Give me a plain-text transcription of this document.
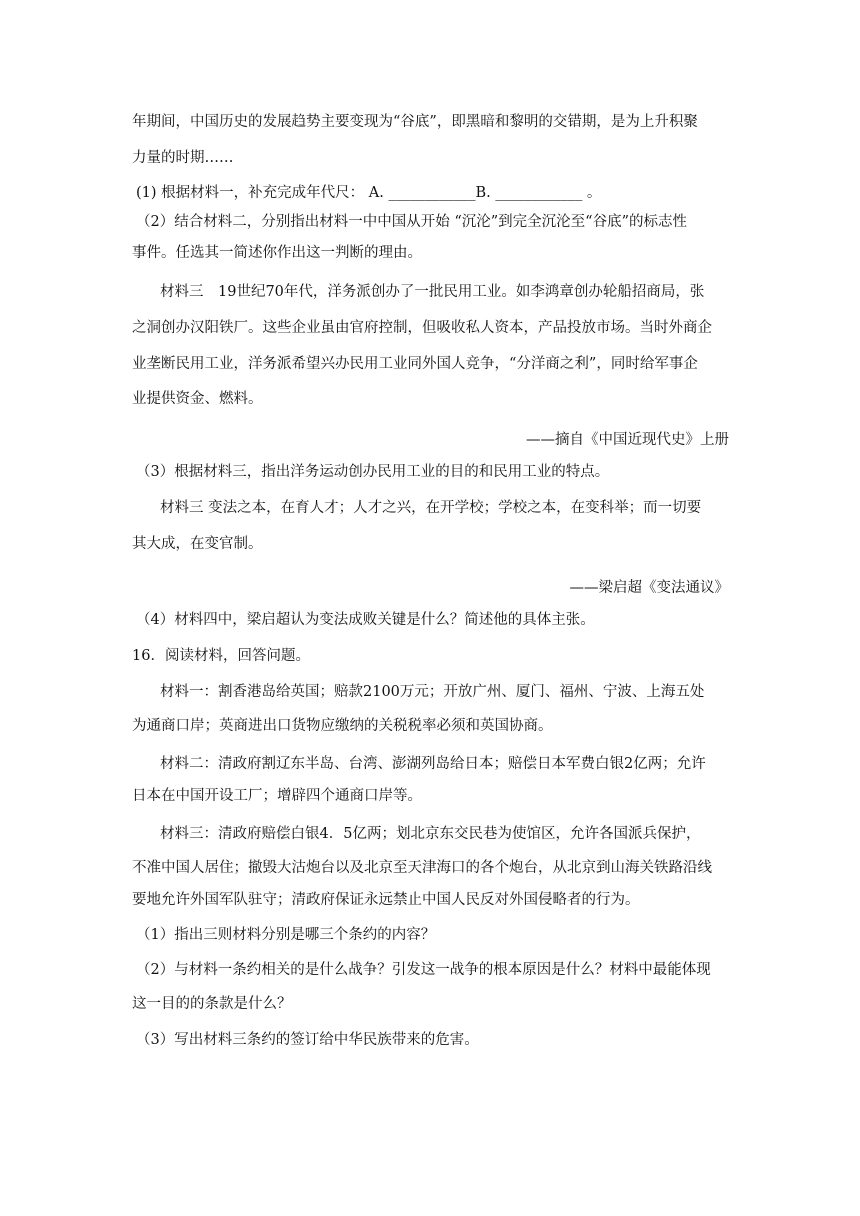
年期间，中国历史的发展趋势主要变现为“谷底”，即黑暗和黎明的交错期，是为上升积聚
力量的时期……
(1) 根据材料一，补充完成年代尺： A. ____________B. ____________ 。
（2）结合材料二，分别指出材料一中中国从开始 “沉沦”到完全沉沦至“谷底”的标志性
事件。任选其一简述你作出这一判断的理由。
材料三　19世纪70年代，洋务派创办了一批民用工业。如李鸿章创办轮船招商局，张
之洞创办汉阳铁厂。这些企业虽由官府控制，但吸收私人资本，产品投放市场。当时外商企
业垄断民用工业，洋务派希望兴办民用工业同外国人竞争，“分洋商之利”，同时给军事企
业提供资金、燃料。
——摘自《中国近现代史》上册
（3）根据材料三，指出洋务运动创办民用工业的目的和民用工业的特点。
材料三 变法之本，在育人才；人才之兴，在开学校；学校之本，在变科举；而一切要
其大成，在变官制。
——梁启超《变法通议》
（4）材料四中，梁启超认为变法成败关键是什么？简述他的具体主张。
16．阅读材料，回答问题。
材料一：割香港岛给英国；赔款2100万元；开放广州、厦门、福州、宁波、上海五处
为通商口岸；英商进出口货物应缴纳的关税税率必须和英国协商。
材料二：清政府割辽东半岛、台湾、澎湖列岛给日本；赔偿日本军费白银2亿两；允许
日本在中国开设工厂；增辟四个通商口岸等。
材料三：清政府赔偿白银4．5亿两；划北京东交民巷为使馆区，允许各国派兵保护，
不准中国人居住；撤毁大沽炮台以及北京至天津海口的各个炮台，从北京到山海关铁路沿线
要地允许外国军队驻守；清政府保证永远禁止中国人民反对外国侵略者的行为。
（1）指出三则材料分别是哪三个条约的内容？
（2）与材料一条约相关的是什么战争？引发这一战争的根本原因是什么？材料中最能体现
这一目的的条款是什么？
（3）写出材料三条约的签订给中华民族带来的危害。
